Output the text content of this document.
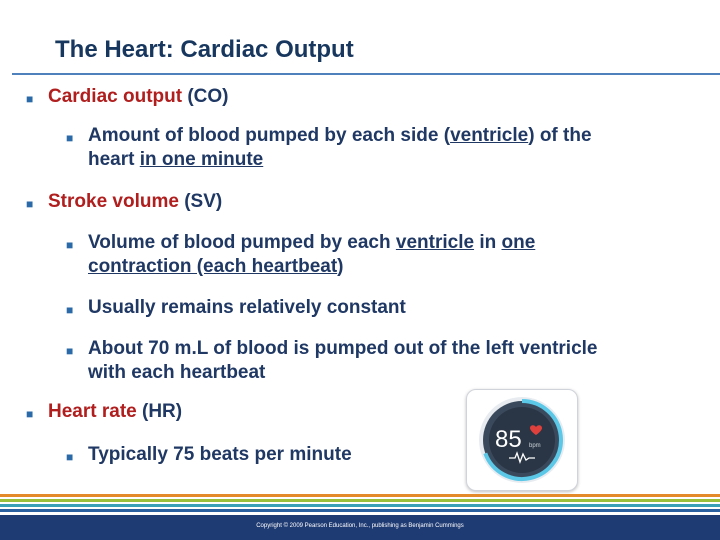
The Heart: Cardiac Output
■ Cardiac output (CO)
■ Amount of blood pumped by each side (ventricle) of the heart in one minute
■ Stroke volume (SV)
■ Volume of blood pumped by each ventricle in one contraction (each heartbeat)
■ Usually remains relatively constant
■ About 70 m.L of blood is pumped out of the left ventricle with each heartbeat
■ Heart rate (HR)
■ Typically 75 beats per minute
85 bpm
Copyright © 2009 Pearson Education, Inc., publishing as Benjamin Cummings
